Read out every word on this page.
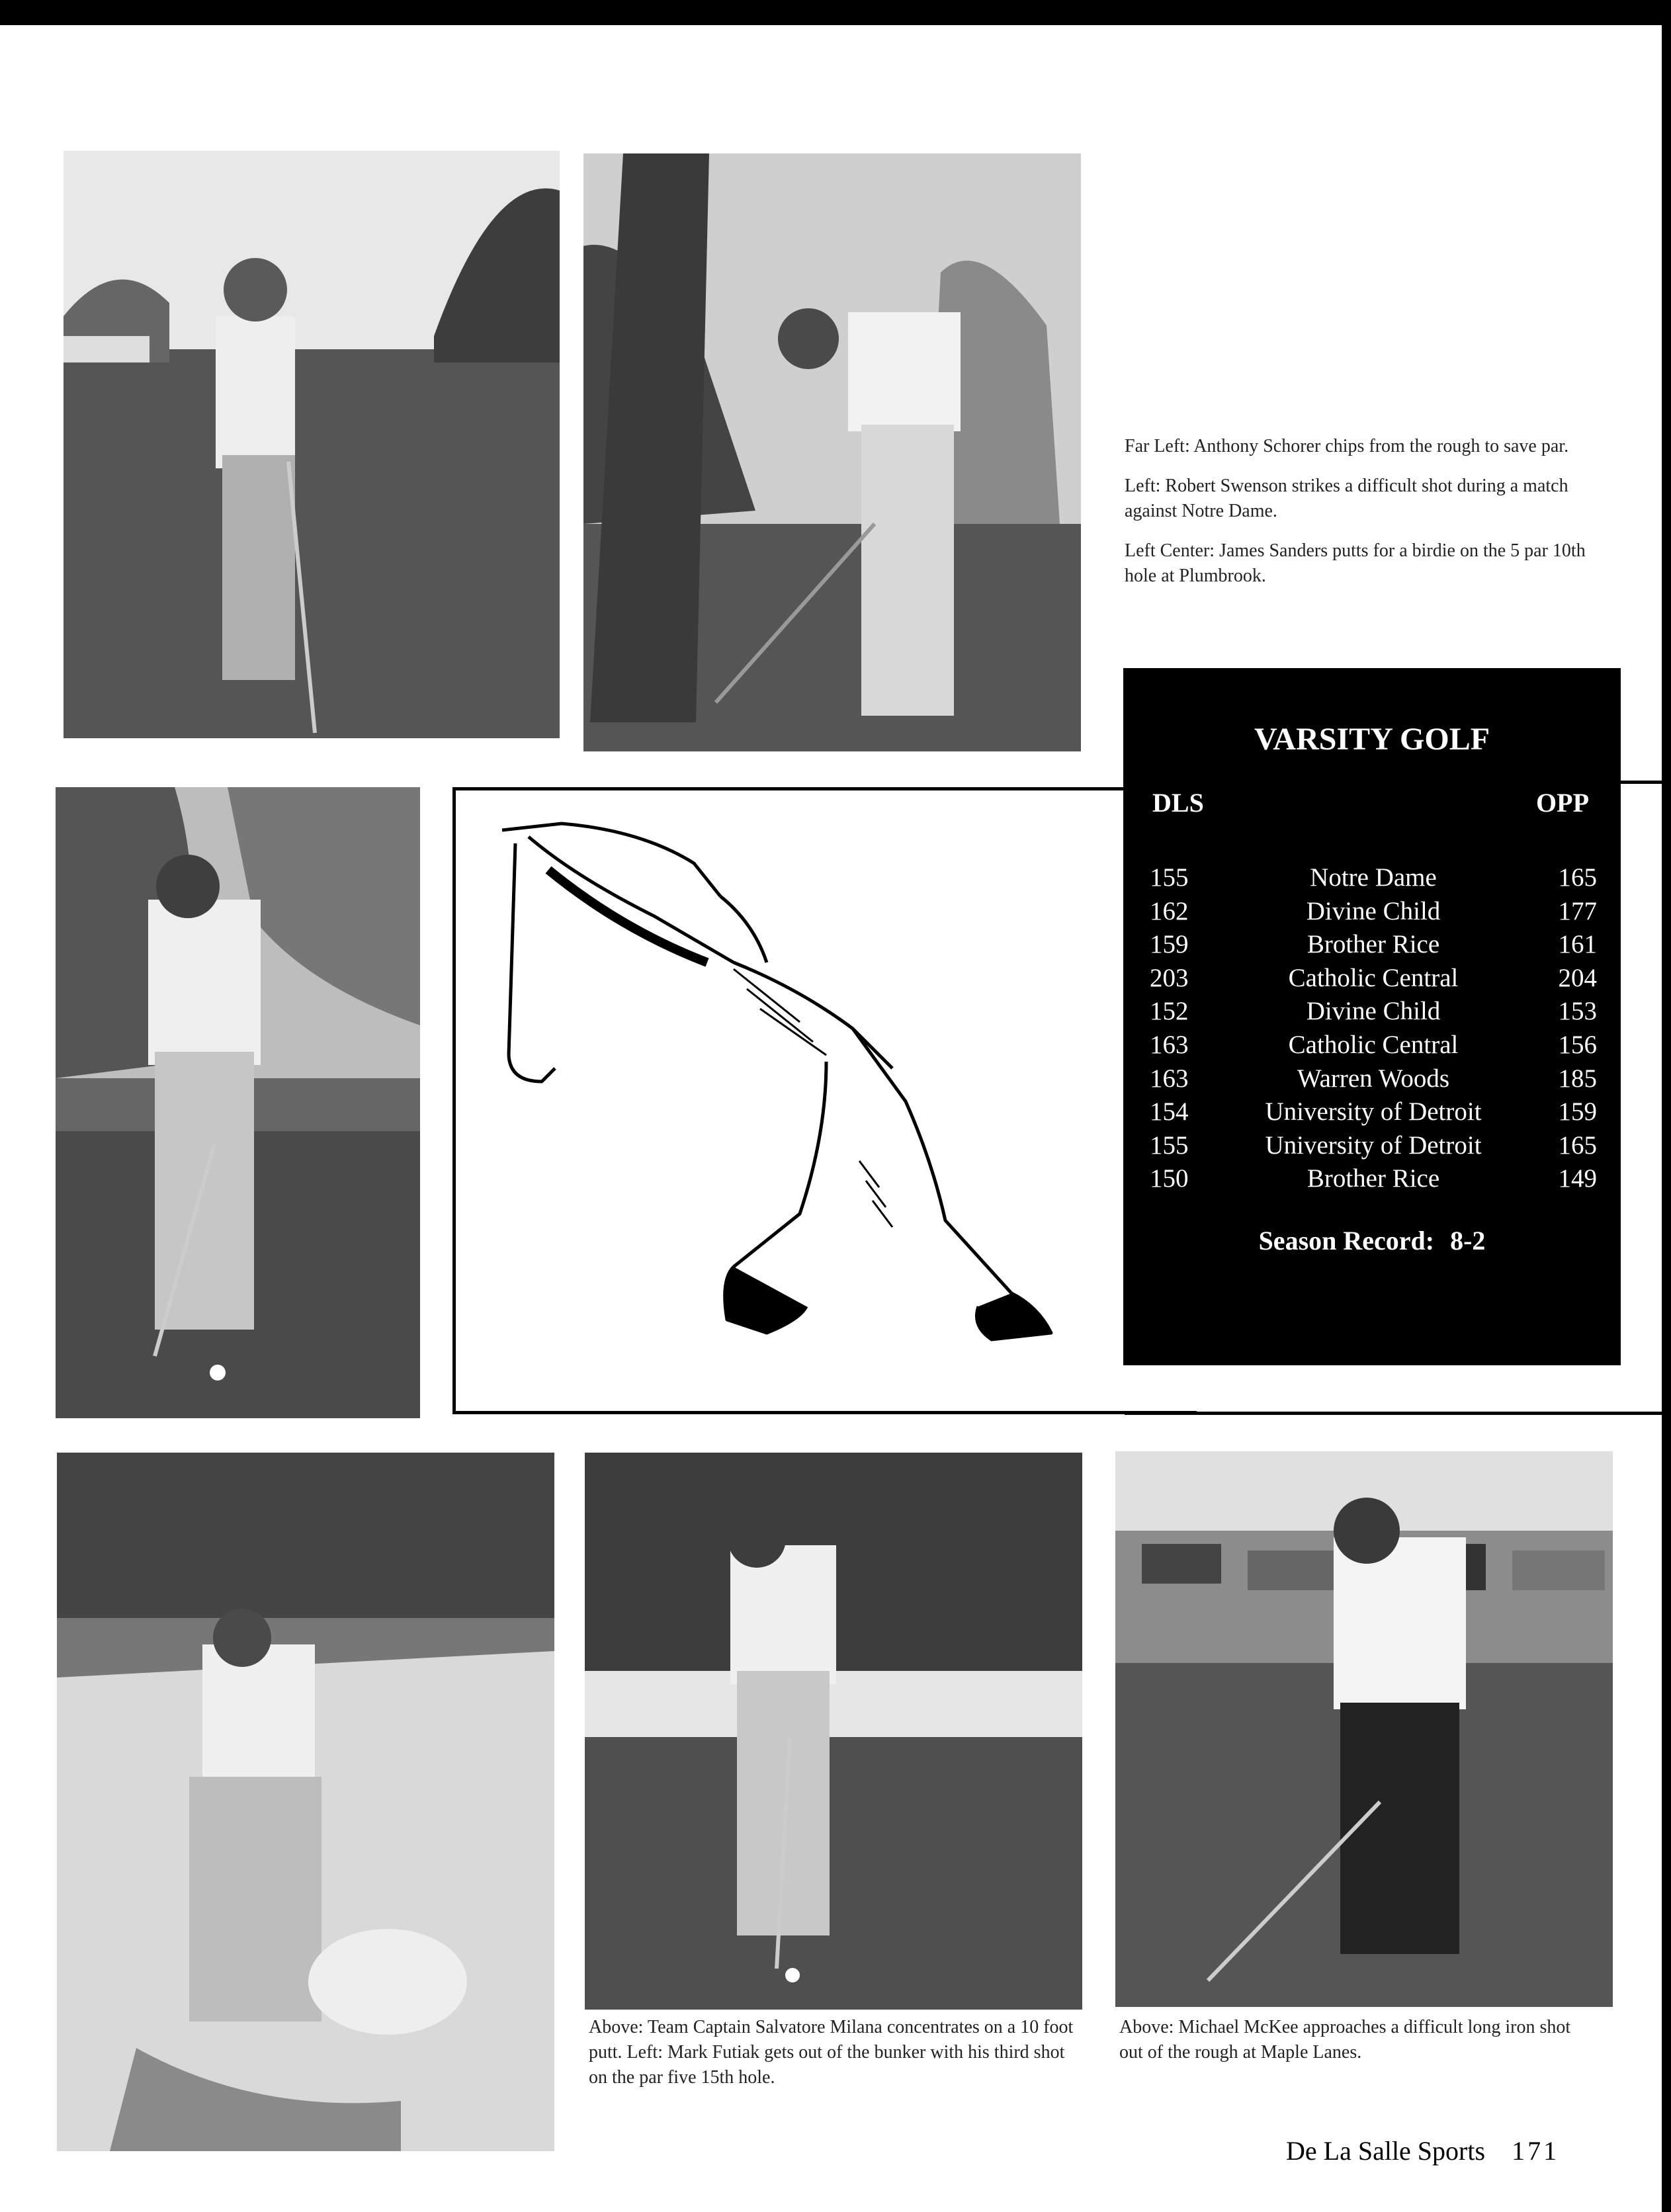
Far Left: Anthony Schorer chips from the rough to save par.

Left: Robert Swenson strikes a difficult shot during a match against Notre Dame.

Left Center: James Sanders putts for a birdie on the 5 par 10th hole at Plumbrook.

VARSITY GOLF
DLS	OPP
155	Notre Dame	165
162	Divine Child	177
159	Brother Rice	161
203	Catholic Central	204
152	Divine Child	153
163	Catholic Central	156
163	Warren Woods	185
154	University of Detroit	159
155	University of Detroit	165
150	Brother Rice	149
Season Record: 8-2
Above: Team Captain Salvatore Milana concentrates on a 10 foot putt. Left: Mark Futiak gets out of the bunker with his third shot on the par five 15th hole.
Above: Michael McKee approaches a difficult long iron shot out of the rough at Maple Lanes.
De La Salle Sports 171
